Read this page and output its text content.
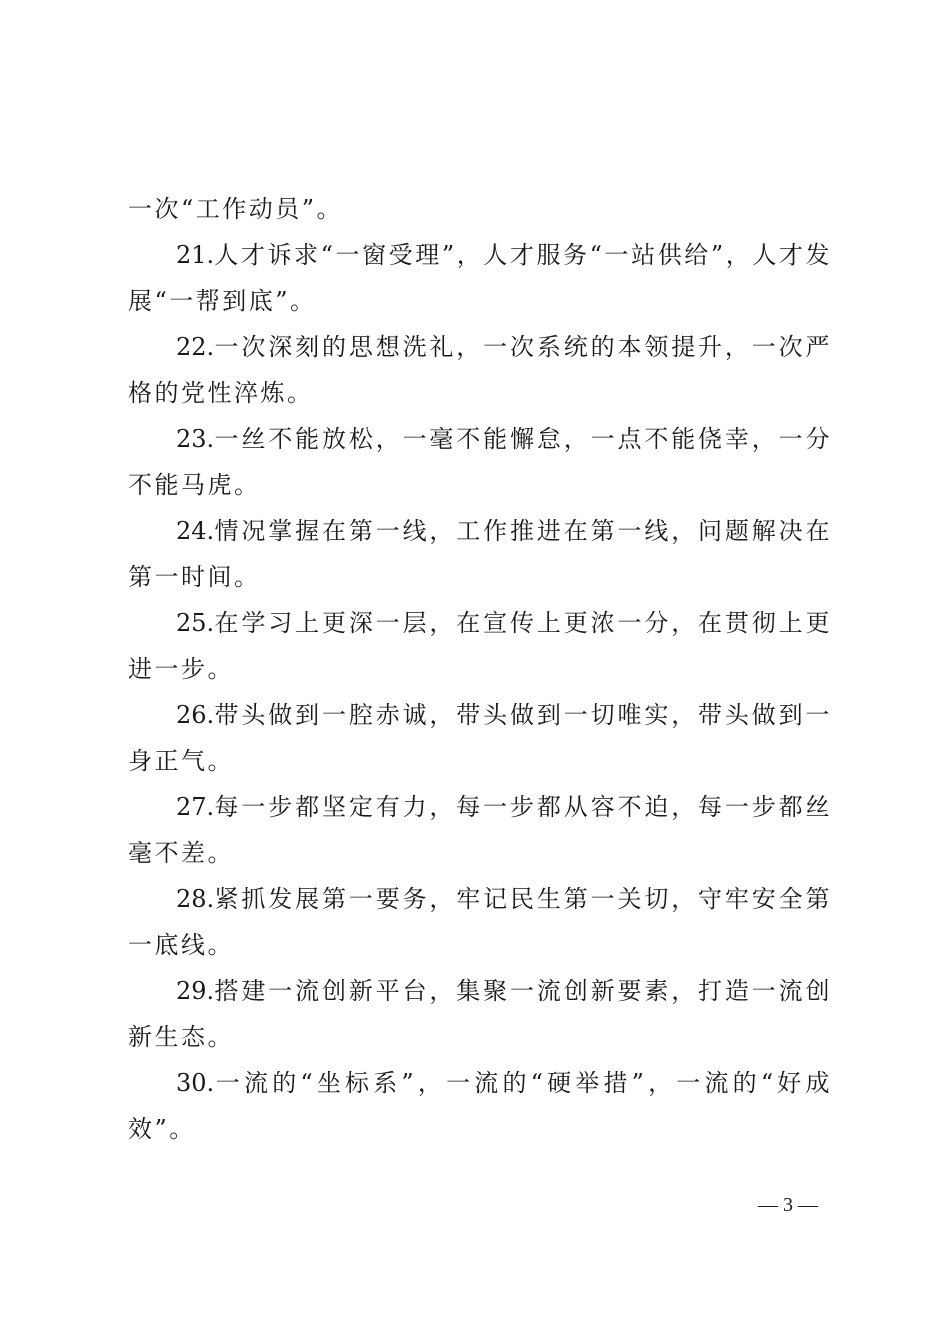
一次“工作动员”。

21.人才诉求“一窗受理”，人才服务“一站供给”，人才发展“一帮到底”。

22.一次深刻的思想洗礼，一次系统的本领提升，一次严格的党性淬炼。

23.一丝不能放松，一毫不能懈怠，一点不能侥幸，一分不能马虎。

24.情况掌握在第一线，工作推进在第一线，问题解决在第一时间。

25.在学习上更深一层，在宣传上更浓一分，在贯彻上更进一步。

26.带头做到一腔赤诚，带头做到一切唯实，带头做到一身正气。

27.每一步都坚定有力，每一步都从容不迫，每一步都丝毫不差。

28.紧抓发展第一要务，牢记民生第一关切，守牢安全第一底线。

29.搭建一流创新平台，集聚一流创新要素，打造一流创新生态。

30.一流的“坐标系”，一流的“硬举措”，一流的“好成效”。

— 3 —
